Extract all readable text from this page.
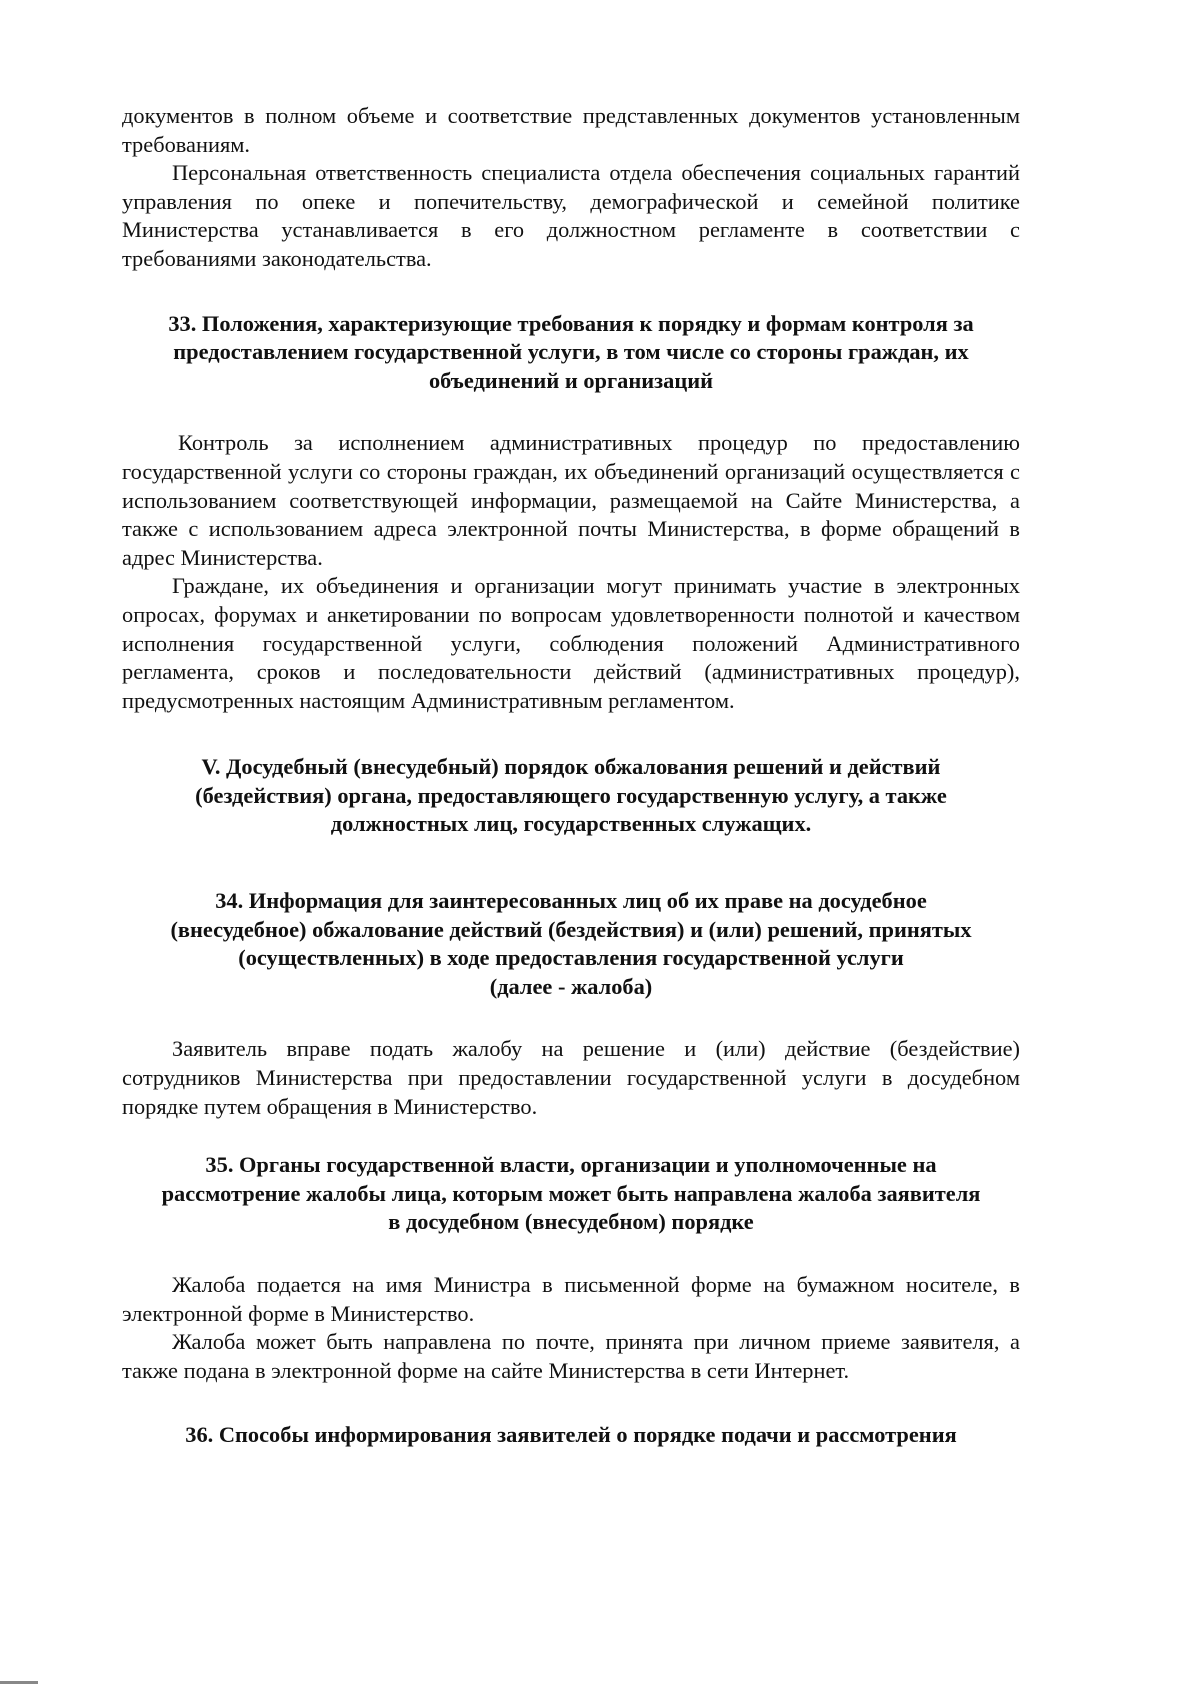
документов в полном объеме и соответствие представленных документов установленным требованиям.

Персональная ответственность специалиста отдела обеспечения социальных гарантий управления по опеке и попечительству, демографической и семейной политике Министерства устанавливается в его должностном регламенте в соответствии с требованиями законодательства.

33. Положения, характеризующие требования к порядку и формам контроля за
предоставлением государственной услуги, в том числе со стороны граждан, их
объединений и организаций

Контроль за исполнением административных процедур по предоставлению государственной услуги со стороны граждан, их объединений организаций осуществляется с использованием соответствующей информации, размещаемой на Сайте Министерства, а также с использованием адреса электронной почты Министерства, в форме обращений в адрес Министерства.

Граждане, их объединения и организации могут принимать участие в электронных опросах, форумах и анкетировании по вопросам удовлетворенности полнотой и качеством исполнения государственной услуги, соблюдения положений Административного регламента, сроков и последовательности действий (административных процедур), предусмотренных настоящим Административным регламентом.

V. Досудебный (внесудебный) порядок обжалования решений и действий
(бездействия) органа, предоставляющего государственную услугу, а также
должностных лиц, государственных служащих.
34. Информация для заинтересованных лиц об их праве на досудебное
(внесудебное) обжалование действий (бездействия) и (или) решений, принятых
(осуществленных) в ходе предоставления государственной услуги
(далее - жалоба)

Заявитель вправе подать жалобу на решение и (или) действие (бездействие) сотрудников Министерства при предоставлении государственной услуги в досудебном порядке путем обращения в Министерство.

35. Органы государственной власти, организации и уполномоченные на
рассмотрение жалобы лица, которым может быть направлена жалоба заявителя
в досудебном (внесудебном) порядке

Жалоба подается на имя Министра в письменной форме на бумажном носителе, в электронной форме в Министерство.

Жалоба может быть направлена по почте, принята при личном приеме заявителя, а также подана в электронной форме на сайте Министерства в сети Интернет.

36. Способы информирования заявителей о порядке подачи и рассмотрения
